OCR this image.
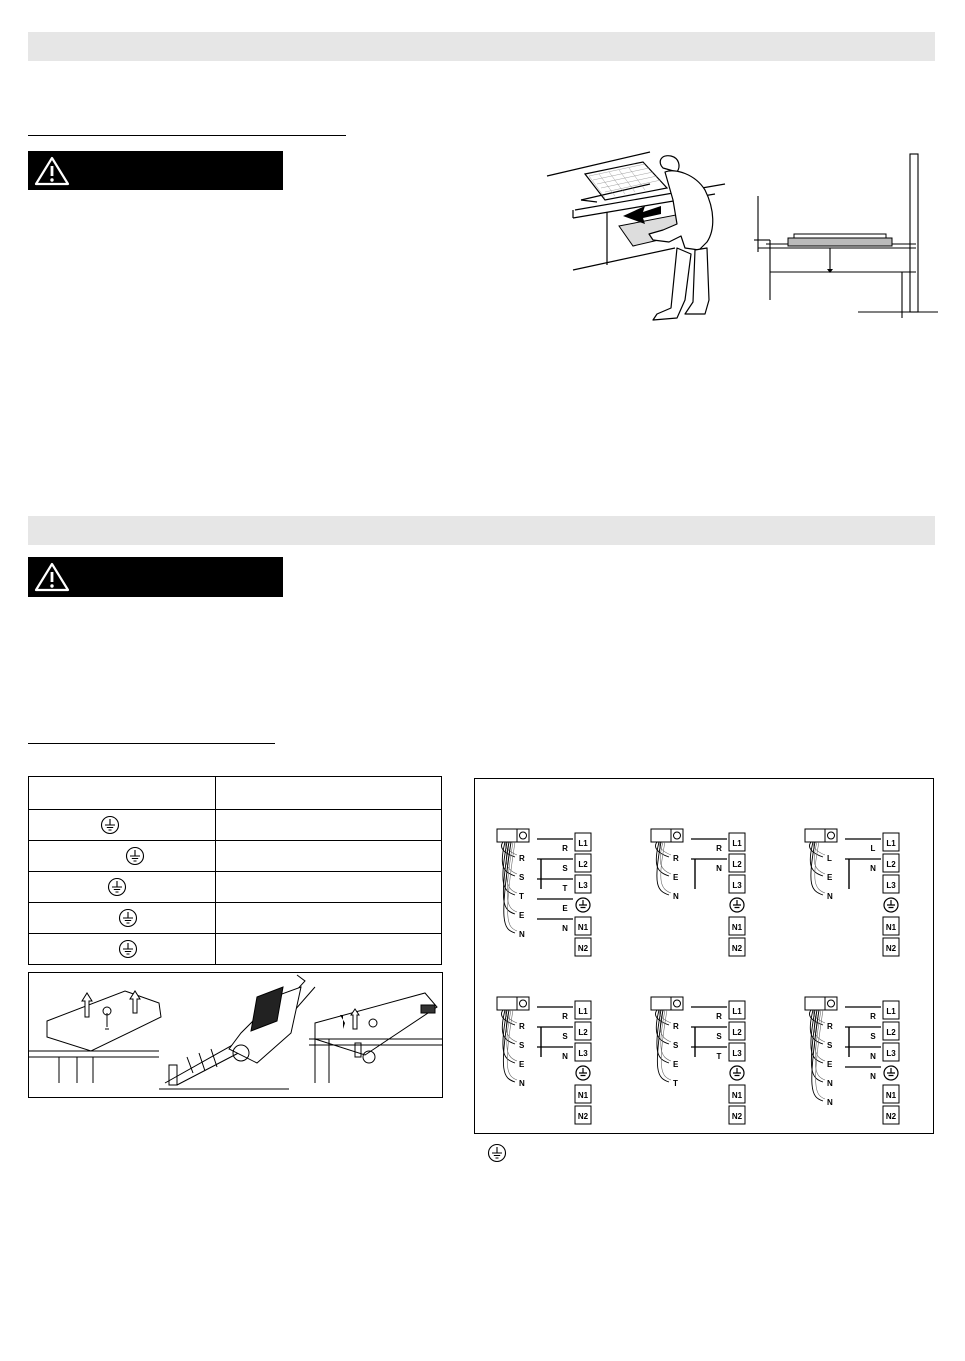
L1
L2
L3
N1
N2
R
S
T
E
N
R
S
T
E
N
L1
L2
L3
N1
N2
R
E
N
R
N
L1
L2
L3
N1
N2
L
E
N
L
N
L1
L2
L3
N1
N2
R
S
E
N
R
S
N
L1
L2
L3
N1
N2
R
S
E
T
R
S
T
L1
L2
L3
N1
N2
R
S
E
N
N
R
S
N
N
